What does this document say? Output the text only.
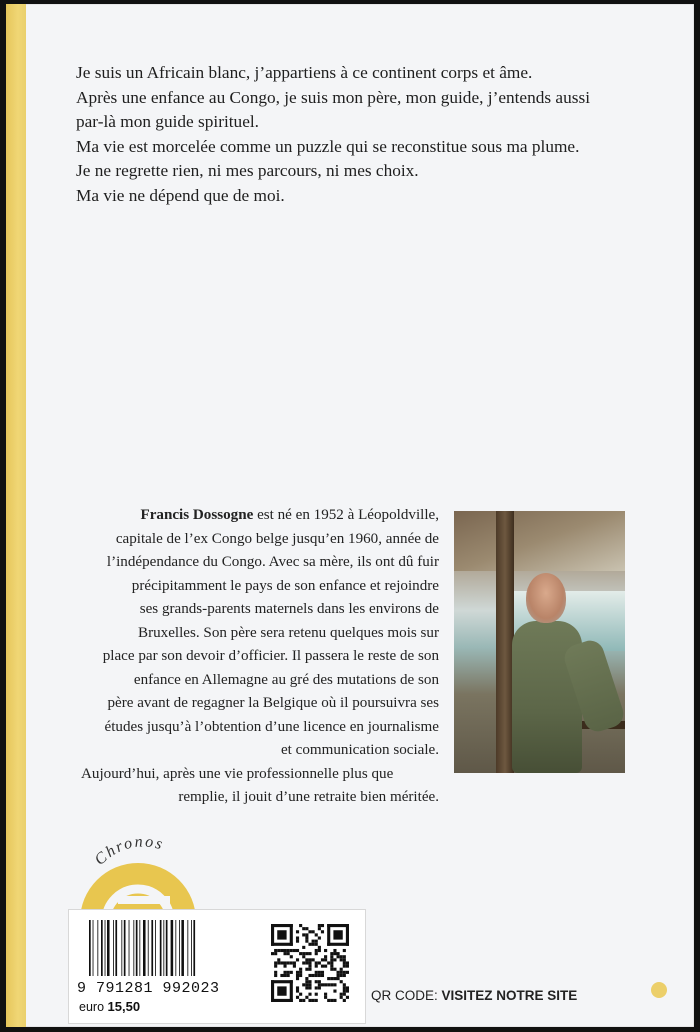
Je suis un Africain blanc, j’appartiens à ce continent corps et âme.

Après une enfance au Congo, je suis mon père, mon guide, j’entends aussi

par-là mon guide spirituel.

Ma vie est morcelée comme un puzzle qui se reconstitue sous ma plume.

Je ne regrette rien, ni mes parcours, ni mes choix.

Ma vie ne dépend que de moi.

Francis Dossogne est né en 1952 à Léopoldville,

capitale de l’ex Congo belge jusqu’en 1960, année de

l’indépendance du Congo. Avec sa mère, ils ont dû fuir

précipitamment le pays de son enfance et rejoindre

ses grands-parents maternels dans les environs de

Bruxelles. Son père sera retenu quelques mois sur

place par son devoir d’officier. Il passera le reste de son

enfance en Allemagne au gré des mutations de son

père avant de regagner la Belgique où il poursuivra ses

études jusqu’à l’obtention d’une licence en journalisme

et communication sociale.

Aujourd’hui, après une vie professionnelle plus que

remplie, il jouit d’une retraite bien méritée.

Chronos
9 791281 992023
euro 15,50
QR CODE: VISITEZ NOTRE SITE
